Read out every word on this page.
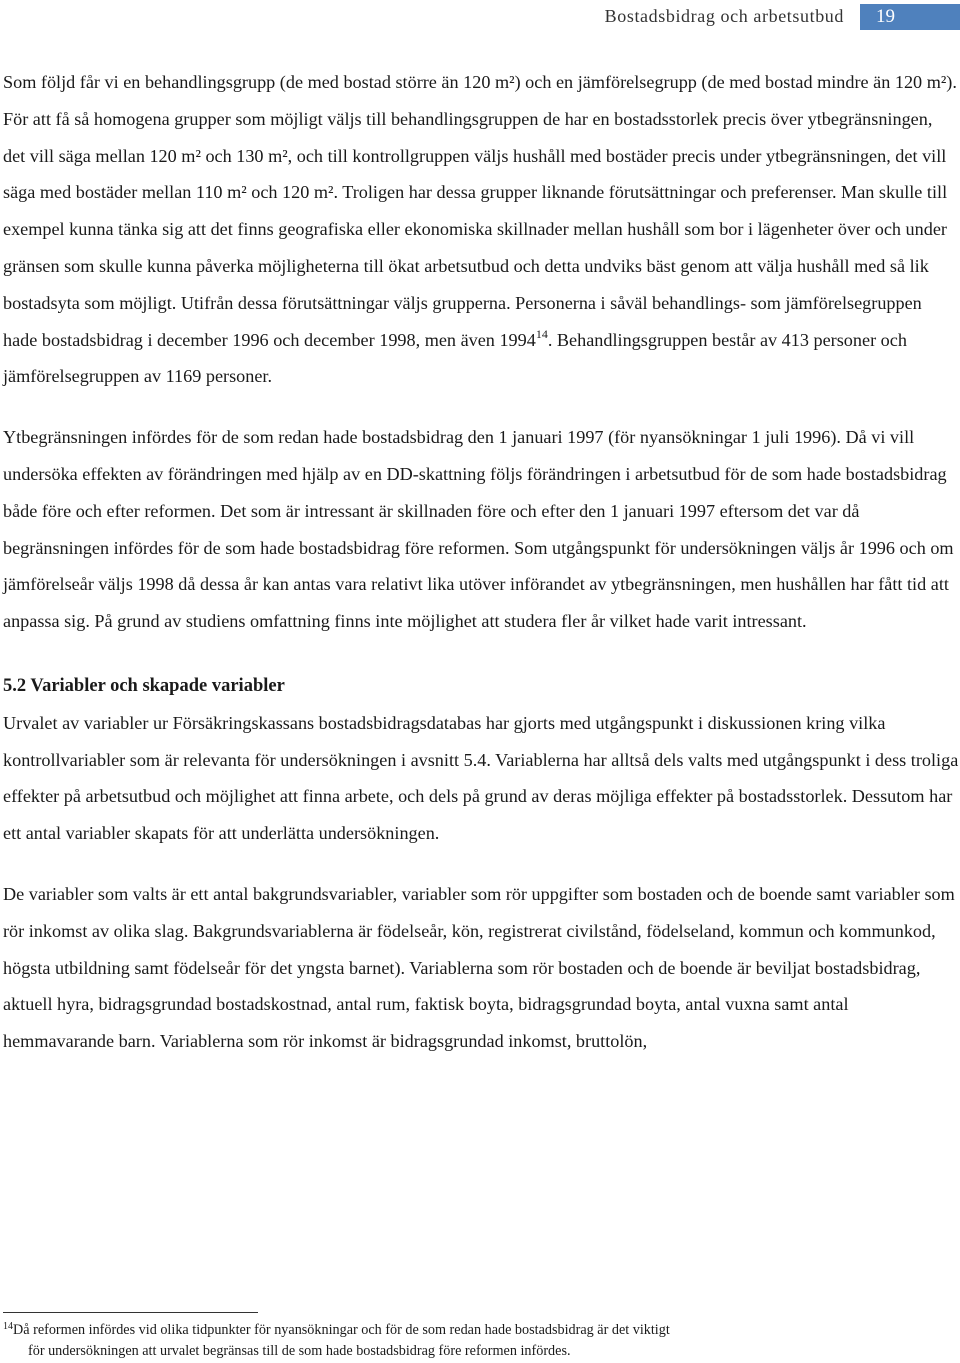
Bostadsbidrag och arbetsutbud	19

Som följd får vi en behandlingsgrupp (de med bostad större än 120 m²) och en jämförelsegrupp (de med bostad mindre än 120 m²). För att få så homogena grupper som möjligt väljs till behandlingsgruppen de har en bostadsstorlek precis över ytbegränsningen, det vill säga mellan 120 m² och 130 m², och till kontrollgruppen väljs hushåll med bostäder precis under ytbegränsningen, det vill säga med bostäder mellan 110 m² och 120 m². Troligen har dessa grupper liknande förutsättningar och preferenser. Man skulle till exempel kunna tänka sig att det finns geografiska eller ekonomiska skillnader mellan hushåll som bor i lägenheter över och under gränsen som skulle kunna påverka möjligheterna till ökat arbetsutbud och detta undviks bäst genom att välja hushåll med så lik bostadsyta som möjligt. Utifrån dessa förutsättningar väljs grupperna. Personerna i såväl behandlings- som jämförelsegruppen hade bostadsbidrag i december 1996 och december 1998, men även 1994$^{14}$. Behandlingsgruppen består av 413 personer och jämförelsegruppen av 1169 personer.

Ytbegränsningen infördes för de som redan hade bostadsbidrag den 1 januari 1997 (för nyansökningar 1 juli 1996). Då vi vill undersöka effekten av förändringen med hjälp av en DD-skattning följs förändringen i arbetsutbud för de som hade bostadsbidrag både före och efter reformen. Det som är intressant är skillnaden före och efter den 1 januari 1997 eftersom det var då begränsningen infördes för de som hade bostadsbidrag före reformen. Som utgångspunkt för undersökningen väljs år 1996 och om jämförelseår väljs 1998 då dessa år kan antas vara relativt lika utöver införandet av ytbegränsningen, men hushållen har fått tid att anpassa sig. På grund av studiens omfattning finns inte möjlighet att studera fler år vilket hade varit intressant.

5.2 Variabler och skapade variabler

Urvalet av variabler ur Försäkringskassans bostadsbidragsdatabas har gjorts med utgångspunkt i diskussionen kring vilka kontrollvariabler som är relevanta för undersökningen i avsnitt 5.4. Variablerna har alltså dels valts med utgångspunkt i dess troliga effekter på arbetsutbud och möjlighet att finna arbete, och dels på grund av deras möjliga effekter på bostadsstorlek. Dessutom har ett antal variabler skapats för att underlätta undersökningen.

De variabler som valts är ett antal bakgrundsvariabler, variabler som rör uppgifter som bostaden och de boende samt variabler som rör inkomst av olika slag. Bakgrundsvariablerna är födelseår, kön, registrerat civilstånd, födelseland, kommun och kommunkod, högsta utbildning samt födelseår för det yngsta barnet). Variablerna som rör bostaden och de boende är beviljat bostadsbidrag, aktuell hyra, bidragsgrundad bostadskostnad, antal rum, faktisk boyta, bidragsgrundad boyta, antal vuxna samt antal hemmavarande barn. Variablerna som rör inkomst är bidragsgrundad inkomst, bruttolön,

$^{14}$Då reformen infördes vid olika tidpunkter för nyansökningar och för de som redan hade bostadsbidrag är det viktigt
för undersökningen att urvalet begränsas till de som hade bostadsbidrag före reformen infördes.
